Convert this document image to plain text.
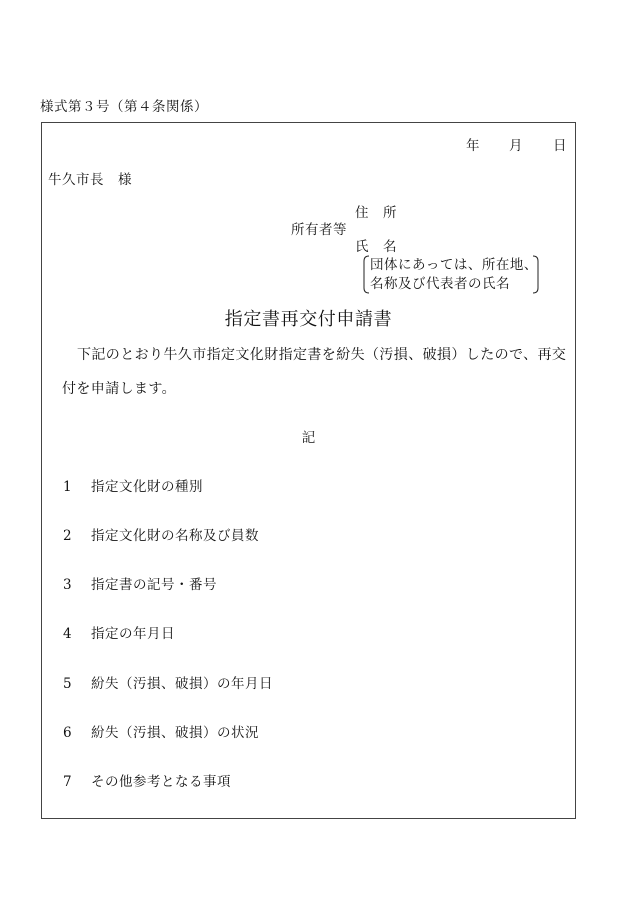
様式第３号（第４条関係）
年 月 日
牛久市長　様
住　所
所有者等
氏　名
団体にあっては、所在地、
名称及び代表者の氏名
指定書再交付申請書
下記のとおり牛久市指定文化財指定書を紛失（汚損、破損）したので、再交
付を申請します。
記
1 指定文化財の種別
2 指定文化財の名称及び員数
3 指定書の記号・番号
4 指定の年月日
5 紛失（汚損、破損）の年月日
6 紛失（汚損、破損）の状況
7 その他参考となる事項
